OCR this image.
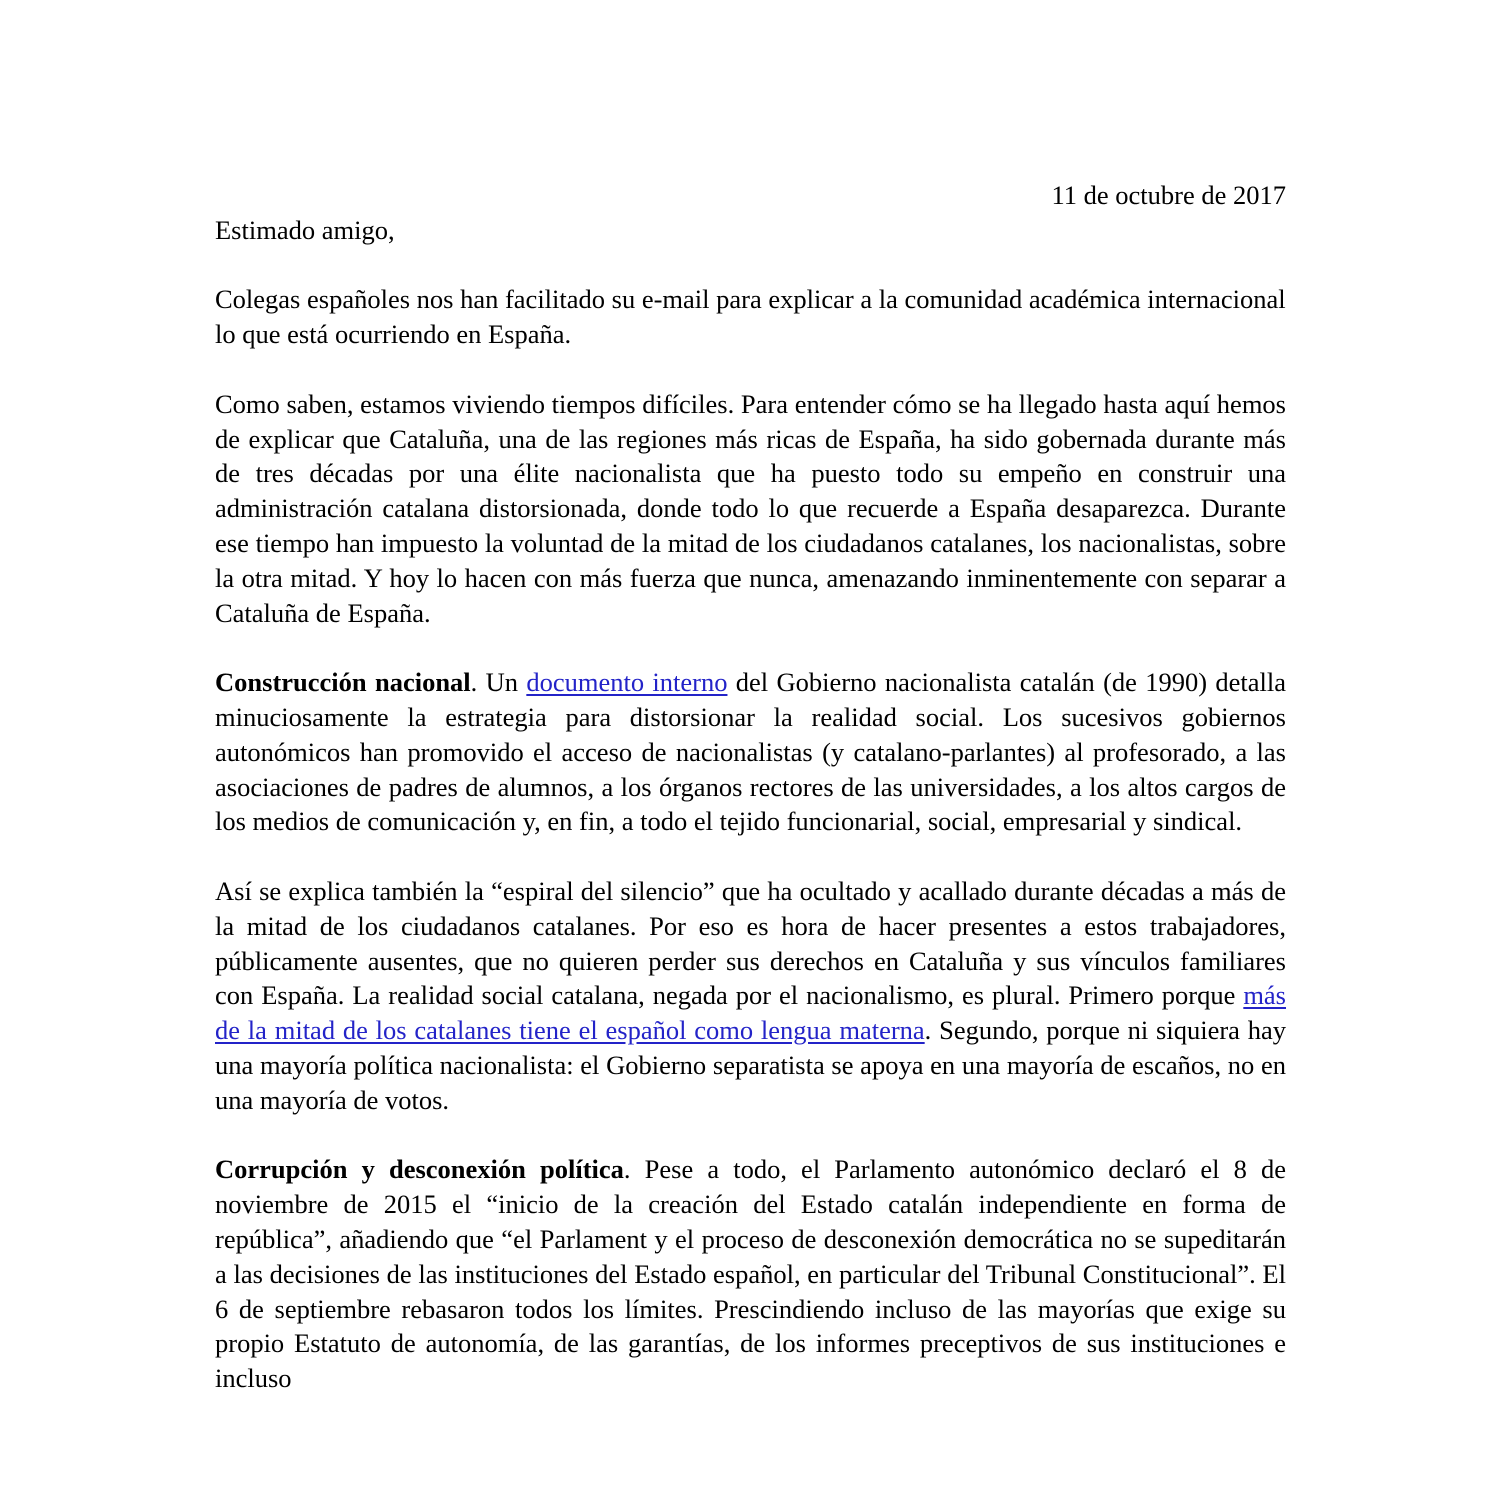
11 de octubre de 2017

Estimado amigo,

Colegas españoles nos han facilitado su e-mail para explicar a la comunidad académica internacional lo que está ocurriendo en España.

Como saben, estamos viviendo tiempos difíciles. Para entender cómo se ha llegado hasta aquí hemos de explicar que Cataluña, una de las regiones más ricas de España, ha sido gobernada durante más de tres décadas por una élite nacionalista que ha puesto todo su empeño en construir una administración catalana distorsionada, donde todo lo que recuerde a España desaparezca. Durante ese tiempo han impuesto la voluntad de la mitad de los ciudadanos catalanes, los nacionalistas, sobre la otra mitad. Y hoy lo hacen con más fuerza que nunca, amenazando inminentemente con separar a Cataluña de España.

Construcción nacional. Un documento interno del Gobierno nacionalista catalán (de 1990) detalla minuciosamente la estrategia para distorsionar la realidad social. Los sucesivos gobiernos autonómicos han promovido el acceso de nacionalistas (y catalano-parlantes) al profesorado, a las asociaciones de padres de alumnos, a los órganos rectores de las universidades, a los altos cargos de los medios de comunicación y, en fin, a todo el tejido funcionarial, social, empresarial y sindical.

Así se explica también la “espiral del silencio” que ha ocultado y acallado durante décadas a más de la mitad de los ciudadanos catalanes. Por eso es hora de hacer presentes a estos trabajadores, públicamente ausentes, que no quieren perder sus derechos en Cataluña y sus vínculos familiares con España. La realidad social catalana, negada por el nacionalismo, es plural. Primero porque más de la mitad de los catalanes tiene el español como lengua materna. Segundo, porque ni siquiera hay una mayoría política nacionalista: el Gobierno separatista se apoya en una mayoría de escaños, no en una mayoría de votos.

Corrupción y desconexión política. Pese a todo, el Parlamento autonómico declaró el 8 de noviembre de 2015 el “inicio de la creación del Estado catalán independiente en forma de república”, añadiendo que “el Parlament y el proceso de desconexión democrática no se supeditarán a las decisiones de las instituciones del Estado español, en particular del Tribunal Constitucional”. El 6 de septiembre rebasaron todos los límites. Prescindiendo incluso de las mayorías que exige su propio Estatuto de autonomía, de las garantías, de los informes preceptivos de sus instituciones e incluso
